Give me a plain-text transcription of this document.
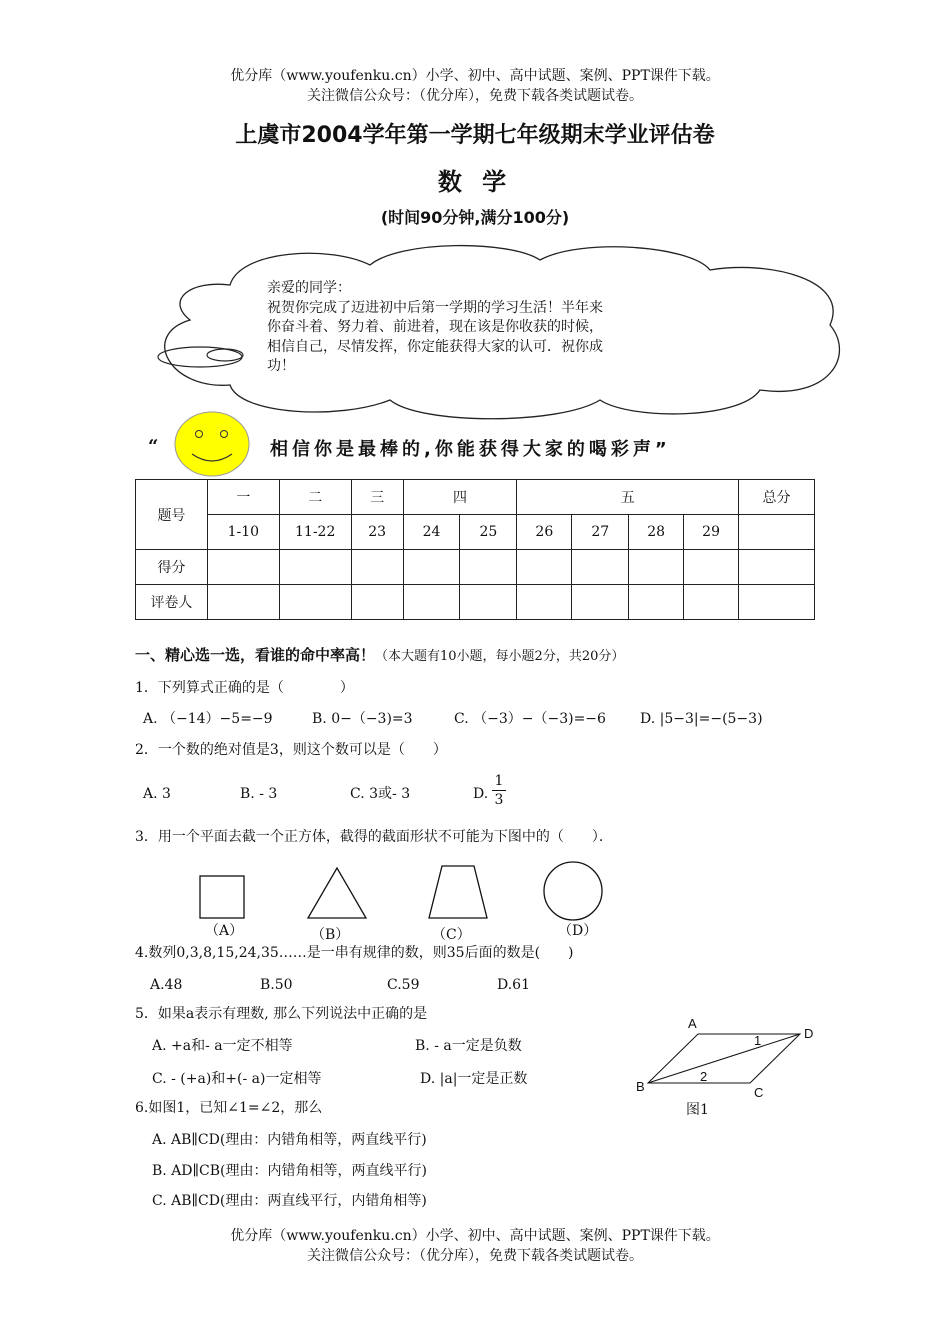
优分库（www.youfenku.cn）小学、初中、高中试题、案例、PPT课件下载。
关注微信公众号：（优分库），免费下载各类试题试卷。
上虞市2004学年第一学期七年级期末学业评估卷
数 学
(时间90分钟,满分100分)
亲爱的同学：
祝贺你完成了迈进初中后第一学期的学习生活！半年来
你奋斗着、努力着、前进着，现在该是你收获的时候，
相信自己，尽情发挥，你定能获得大家的认可．祝你成
功！
“	相信你是最棒的,你能获得大家的喝彩声”
题号	一	二	三	四		五				总分
	1-10	11-22	23	24	25	26	27	28	29	
得分										
评卷人										
一、精心选一选，看谁的命中率高！（本大题有10小题，每小题2分，共20分）
1．下列算式正确的是（　　　　）
A. （−14）−5=−9	B. 0−（−3)=3	C. （−3）−（−3)=−6 D. |5−3|=−(5−3)
2．一个数的绝对值是3，则这个数可以是（　　）
A. 3	B. - 3	C. 3或- 3	D. $\frac{1}{3}$
3．用一个平面去截一个正方体，截得的截面形状不可能为下图中的（　　）．
（A）	（B）	（C）	（D）
4.数列0,3,8,15,24,35……是一串有规律的数，则35后面的数是(　　)
A.48	B.50	C.59	D.61
5．如果a表示有理数, 那么下列说法中正确的是
A. +a和- a一定不相等	B. - a一定是负数
C. - (+a)和+(- a)一定相等	D. |a|一定是正数
A
D
B	C
1
2
图1
6.如图1，已知∠1=∠2，那么
A. AB∥CD(理由：内错角相等，两直线平行)
B. AD∥CB(理由：内错角相等，两直线平行)
C. AB∥CD(理由：两直线平行，内错角相等)
优分库（www.youfenku.cn）小学、初中、高中试题、案例、PPT课件下载。
关注微信公众号：（优分库），免费下载各类试题试卷。
